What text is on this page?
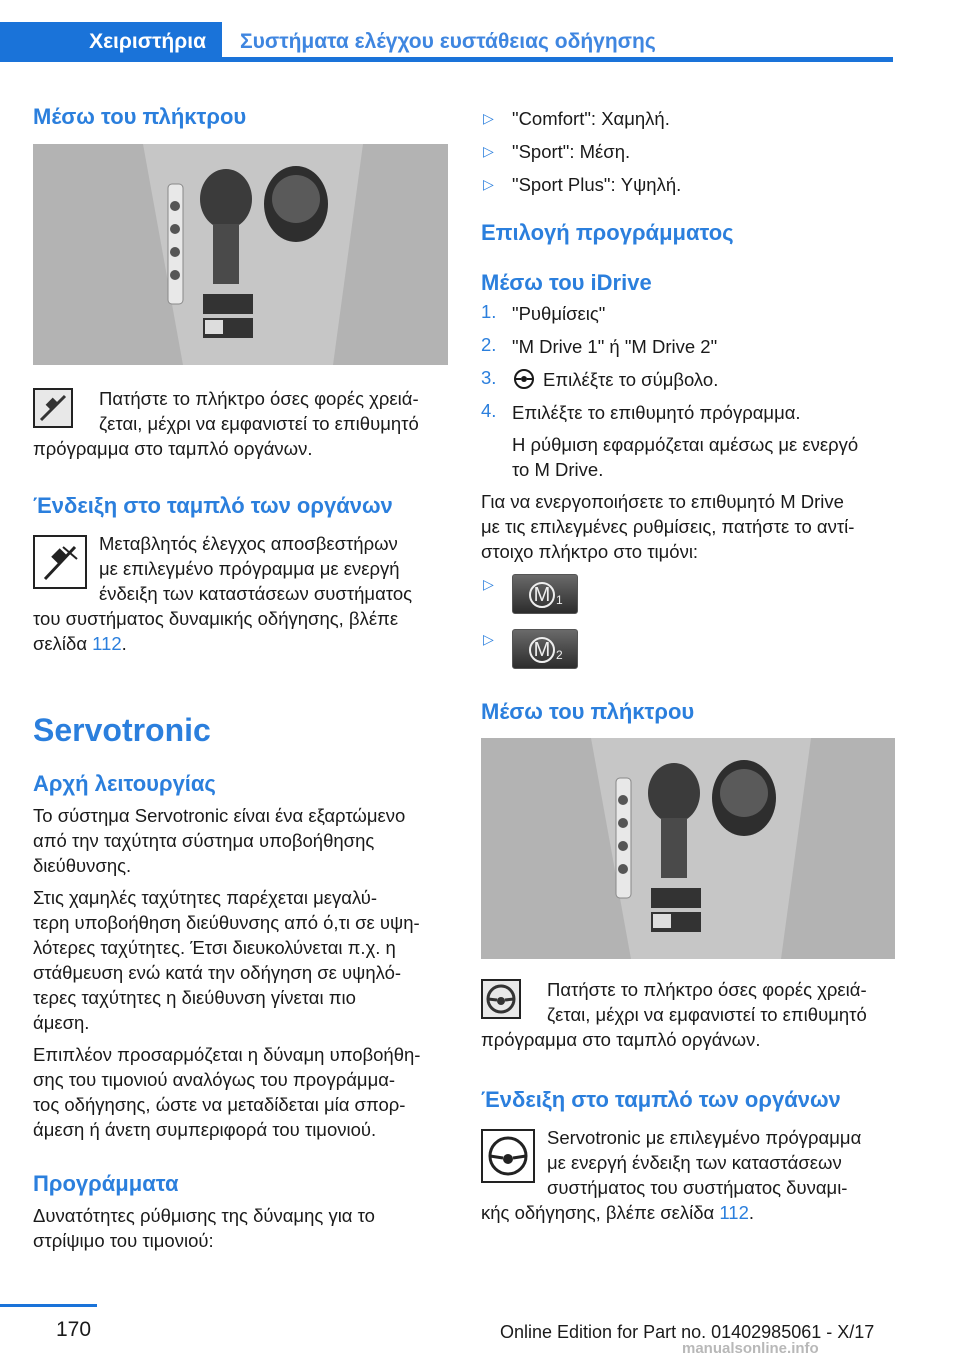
Χειριστήρια	Συστήματα ελέγχου ευστάθειας οδήγησης
Μέσω του πλήκτρου
Πατήστε το πλήκτρο όσες φορές χρειά-
ζεται, μέχρι να εμφανιστεί το επιθυμητό
πρόγραμμα στο ταμπλό οργάνων.
Ένδειξη στο ταμπλό των οργάνων
Μεταβλητός έλεγχος αποσβεστήρων
με επιλεγμένο πρόγραμμα με ενεργή
ένδειξη των καταστάσεων συστήματος
του συστήματος δυναμικής οδήγησης, βλέπε
σελίδα 112.
Servotronic
Αρχή λειτουργίας
Το σύστημα Servotronic είναι ένα εξαρτώμενο
από την ταχύτητα σύστημα υποβοήθησης
διεύθυνσης.
Στις χαμηλές ταχύτητες παρέχεται μεγαλύ-
τερη υποβοήθηση διεύθυνσης από ό,τι σε υψη-
λότερες ταχύτητες. Έτσι διευκολύνεται π.χ. η
στάθμευση ενώ κατά την οδήγηση σε υψηλό-
τερες ταχύτητες η διεύθυνση γίνεται πιο
άμεση.
Επιπλέον προσαρμόζεται η δύναμη υποβοήθη-
σης του τιμονιού αναλόγως του προγράμμα-
τος οδήγησης, ώστε να μεταδίδεται μία σπορ-
άμεση ή άνετη συμπεριφορά του τιμονιού.
Προγράμματα
Δυνατότητες ρύθμισης της δύναμης για το
στρίψιμο του τιμονιού:
▷ "Comfort": Χαμηλή.
▷ "Sport": Μέση.
▷ "Sport Plus": Υψηλή.
Επιλογή προγράμματος
Μέσω του iDrive
1. "Ρυθμίσεις"
2. "M Drive 1" ή "M Drive 2"
3.	Επιλέξτε το σύμβολο.
4. Επιλέξτε το επιθυμητό πρόγραμμα.
Η ρύθμιση εφαρμόζεται αμέσως με ενεργό
το M Drive.
Για να ενεργοποιήσετε το επιθυμητό M Drive
με τις επιλεγμένες ρυθμίσεις, πατήστε το αντί-
στοιχο πλήκτρο στο τιμόνι:
▷ M 1
▷ M 2
Μέσω του πλήκτρου
Πατήστε το πλήκτρο όσες φορές χρειά-
ζεται, μέχρι να εμφανιστεί το επιθυμητό
πρόγραμμα στο ταμπλό οργάνων.
Ένδειξη στο ταμπλό των οργάνων
Servotronic με επιλεγμένο πρόγραμμα
με ενεργή ένδειξη των καταστάσεων
συστήματος του συστήματος δυναμι-
κής οδήγησης, βλέπε σελίδα 112.
170	Online Edition for Part no. 01402985061 - X/17
manualsonline.info
